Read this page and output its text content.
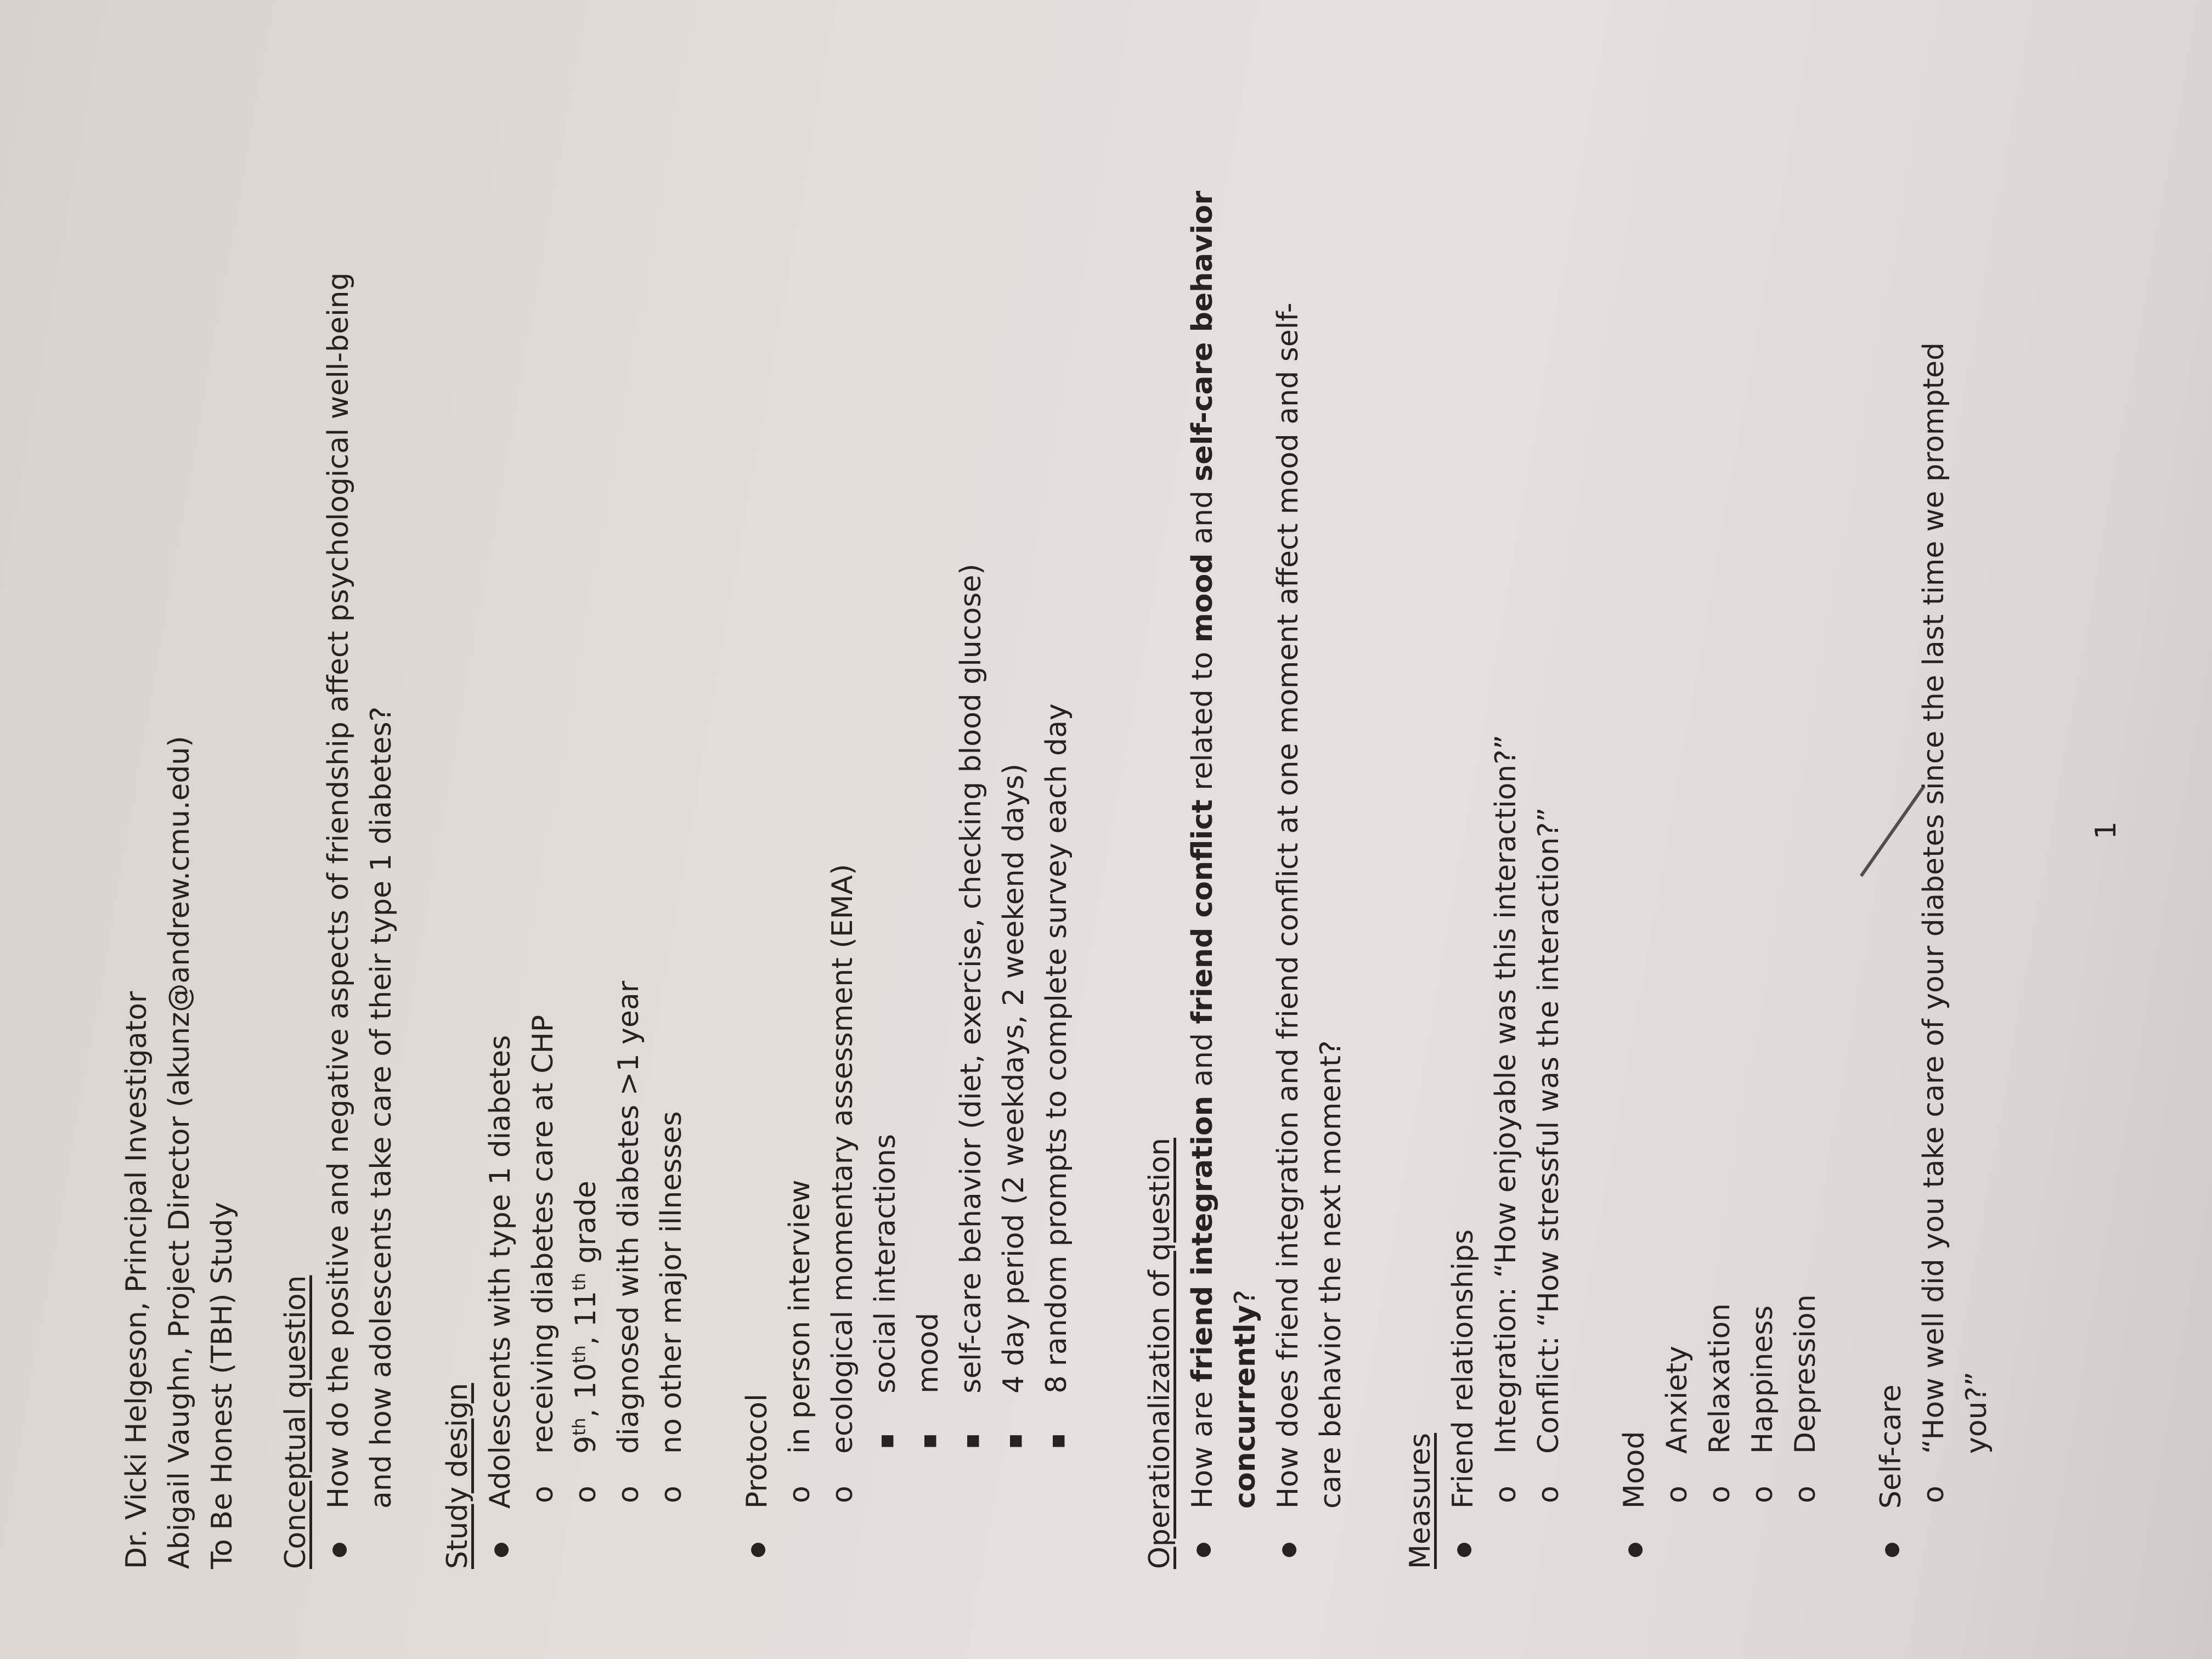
Dr. Vicki Helgeson, Principal Investigator Abigail Vaughn, Project Director (akunz@andrew.cmu.edu) To Be Honest (TBH) Study Conceptual question ● How do the positive and negative aspects of friendship affect psychological well-being and how adolescents take care of their type 1 diabetes? Study design ● Adolescents with type 1 diabetes o receiving diabetes care at CHP o 9th, 10th, 11th grade o diagnosed with diabetes >1 year o no other major illnesses ● Protocol o in person interview o ecological momentary assessment (EMA) ■ social interactions ■ mood ■ self-care behavior (diet, exercise, checking blood glucose) ■ 4 day period (2 weekdays, 2 weekend days) ■ 8 random prompts to complete survey each day Operationalization of question ● How are friend integration and friend conflict related to mood and self-care behavior
concurrently? ● How does friend integration and friend conflict at one moment affect mood and self- care behavior the next moment? Measures ● Friend relationships o Integration: “How enjoyable was this interaction?” o Conflict: “How stressful was the interaction?”
● Mood
o Anxiety o Relaxation o Happiness o Depression ● Self-care o “How well did you take care of your diabetes since the last time we prompted you?”
1
